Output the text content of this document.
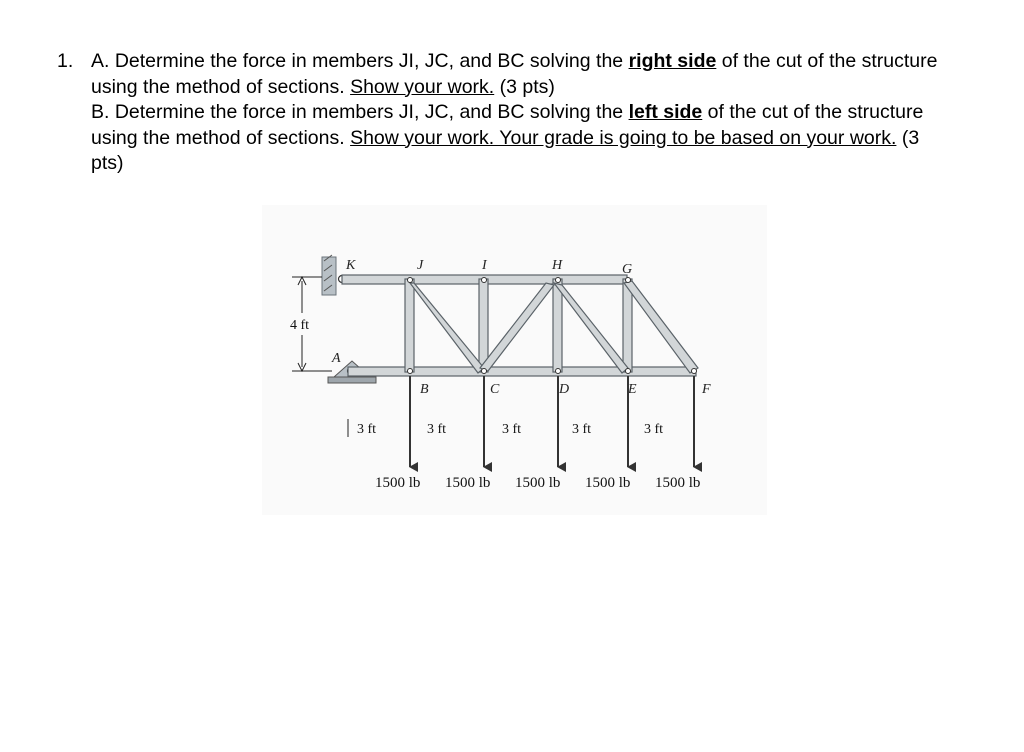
1. A. Determine the force in members JI, JC, and BC solving the right side of the cut of the structure using the method of sections. Show your work. (3 pts)

B. Determine the force in members JI, JC, and BC solving the left side of the cut of the structure using the method of sections. Show your work. Your grade is going to be based on your work. (3 pts)

K	J	I	H	G
A
B	C	D	E	F
4 ft
3 ft	3 ft	3 ft	3 ft	3 ft
1500 lb 1500 lb 1500 lb 1500 lb 1500 lb
